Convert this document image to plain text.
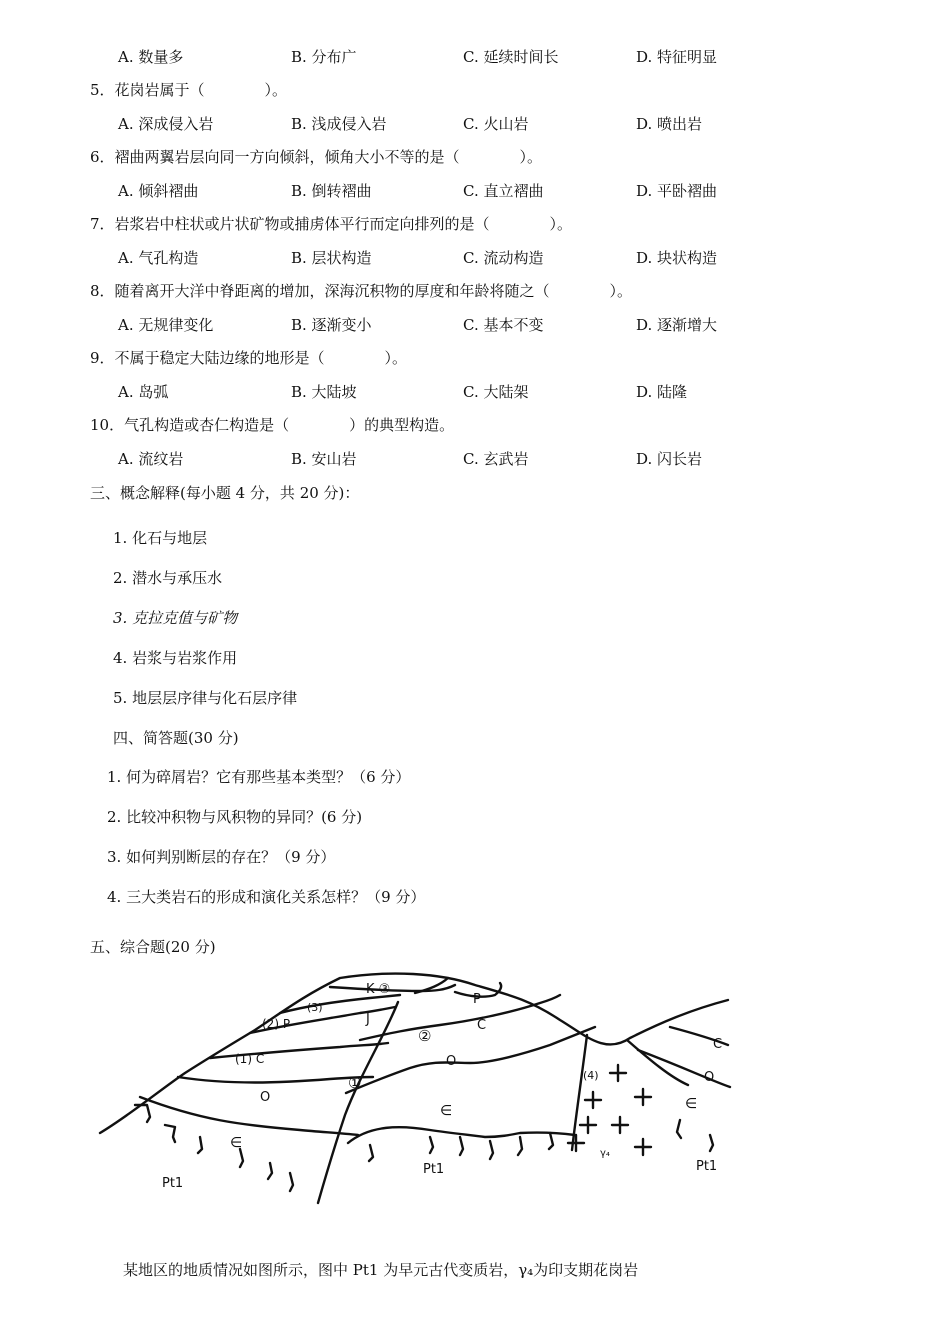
A. 数量多	B. 分布广	C. 延续时间长	D. 特征明显
5．花岗岩属于（　　　　）。
A. 深成侵入岩	B. 浅成侵入岩	C. 火山岩	D. 喷出岩
6．褶曲两翼岩层向同一方向倾斜，倾角大小不等的是（　　　　）。
A. 倾斜褶曲	B. 倒转褶曲	C. 直立褶曲	D. 平卧褶曲
7．岩浆岩中柱状或片状矿物或捕虏体平行而定向排列的是（　　　　）。
A. 气孔构造	B. 层状构造	C. 流动构造	D. 块状构造
8．随着离开大洋中脊距离的增加，深海沉积物的厚度和年龄将随之（　　　　）。
A. 无规律变化	B. 逐渐变小	C. 基本不变	D. 逐渐增大
9．不属于稳定大陆边缘的地形是（　　　　）。
A. 岛弧	B. 大陆坡	C. 大陆架	D. 陆隆
10．气孔构造或杏仁构造是（　　　　）的典型构造。
A. 流纹岩	B. 安山岩	C. 玄武岩	D. 闪长岩
三、概念解释(每小题 4 分，共 20 分)：
1. 化石与地层
2. 潜水与承压水
3. 克拉克值与矿物
4. 岩浆与岩浆作用
5. 地层层序律与化石层序律
四、简答题(30 分)
1. 何为碎屑岩？它有那些基本类型？（6 分）
2. 比较冲积物与风积物的异同？(6 分)
3. 如何判别断层的存在？（9 分）
4. 三大类岩石的形成和演化关系怎样？（9 分）
五、综合题(20 分)
K ③
P
(3)
(2) P	J	C
②
(1) C
O
O
①
∈
∈	∈
Pt1
Pt1	Pt1
(4)
γ₄
C
O
某地区的地质情况如图所示，图中 Pt1 为早元古代变质岩，γ₄为印支期花岗岩
